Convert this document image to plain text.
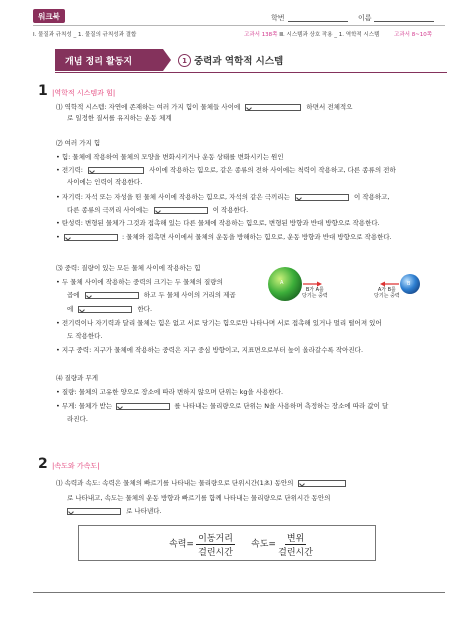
워크북	학번	이름
Ⅰ. 물질과 규칙성 _ 1. 물질의 규칙성과 결합	고과서 138쪽 Ⅲ. 시스템과 상호 작용 _ 1. 역학적 시스템	고과서 8~10쪽
개념 정리 활동지	1 중력과 역학적 시스템
1 |역학적 시스템과 힘|
⑴ 역학적 시스템: 자연에 존재하는 여러 가지 힘이 물체들 사이에	하면서 전체적으
로 일정한 질서를 유지하는 운동 체계
⑵ 여러 가지 힘
• 힘: 물체에 작용하여 물체의 모양을 변화시키거나 운동 상태를 변화시키는 원인
• 전기력:	사이에 작용하는 힘으로, 같은 종류의 전하 사이에는 척력이 작용하고, 다른 종류의 전하
사이에는 인력이 작용한다.
• 자기력: 자석 또는 자성을 띤 물체 사이에 작용하는 힘으로, 자석의 같은 극끼리는	이 작용하고,
다른 종류의 극끼리 사이에는	이 작용한다.
• 탄성력: 변형된 물체가 그것과 접촉해 있는 다른 물체에 작용하는 힘으로, 변형된 방향과 반대 방향으로 작용한다.
•	: 물체와 접촉면 사이에서 물체의 운동을 방해하는 힘으로, 운동 방향과 반대 방향으로 작용한다.
⑶ 중력: 질량이 있는 모든 물체 사이에 작용하는 힘
• 두 물체 사이에 작용하는 중력의 크기는 두 물체의 질량의
곱에	하고 두 물체 사이의 거리의 제곱
에	한다.
A	B
B가 A를
당기는 중력
A가 B를
당기는 중력
• 전기력이나 자기력과 달리 물체는 힘은 없고 서로 당기는 힘으로만 나타나며 서로 접촉해 있거나 멀리 떨어져 있어
도 작용한다.
• 지구 중력: 지구가 물체에 작용하는 중력은 지구 중심 방향이고, 지표면으로부터 높이 올라갈수록 작아진다.
⑷ 질량과 무게
• 질량: 물체의 고유한 양으로 장소에 따라 변하지 않으며 단위는 kg을 사용한다.
• 무게: 물체가 받는	를 나타내는 물리량으로 단위는 N을 사용하며 측정하는 장소에 따라 값이 달
라진다.
2 |속도와 가속도|
⑴ 속력과 속도: 속력은 물체의 빠르기를 나타내는 물리량으로 단위시간(1초) 동안의
로 나타내고, 속도는 물체의 운동 방향과 빠르기를 함께 나타내는 물리량으로 단위시간 동안의
로 나타낸다.
속력= $\frac{\text{이동거리}}{\text{걸린시간}}$ 속도= $\frac{\text{변위}}{\text{걸린시간}}$
